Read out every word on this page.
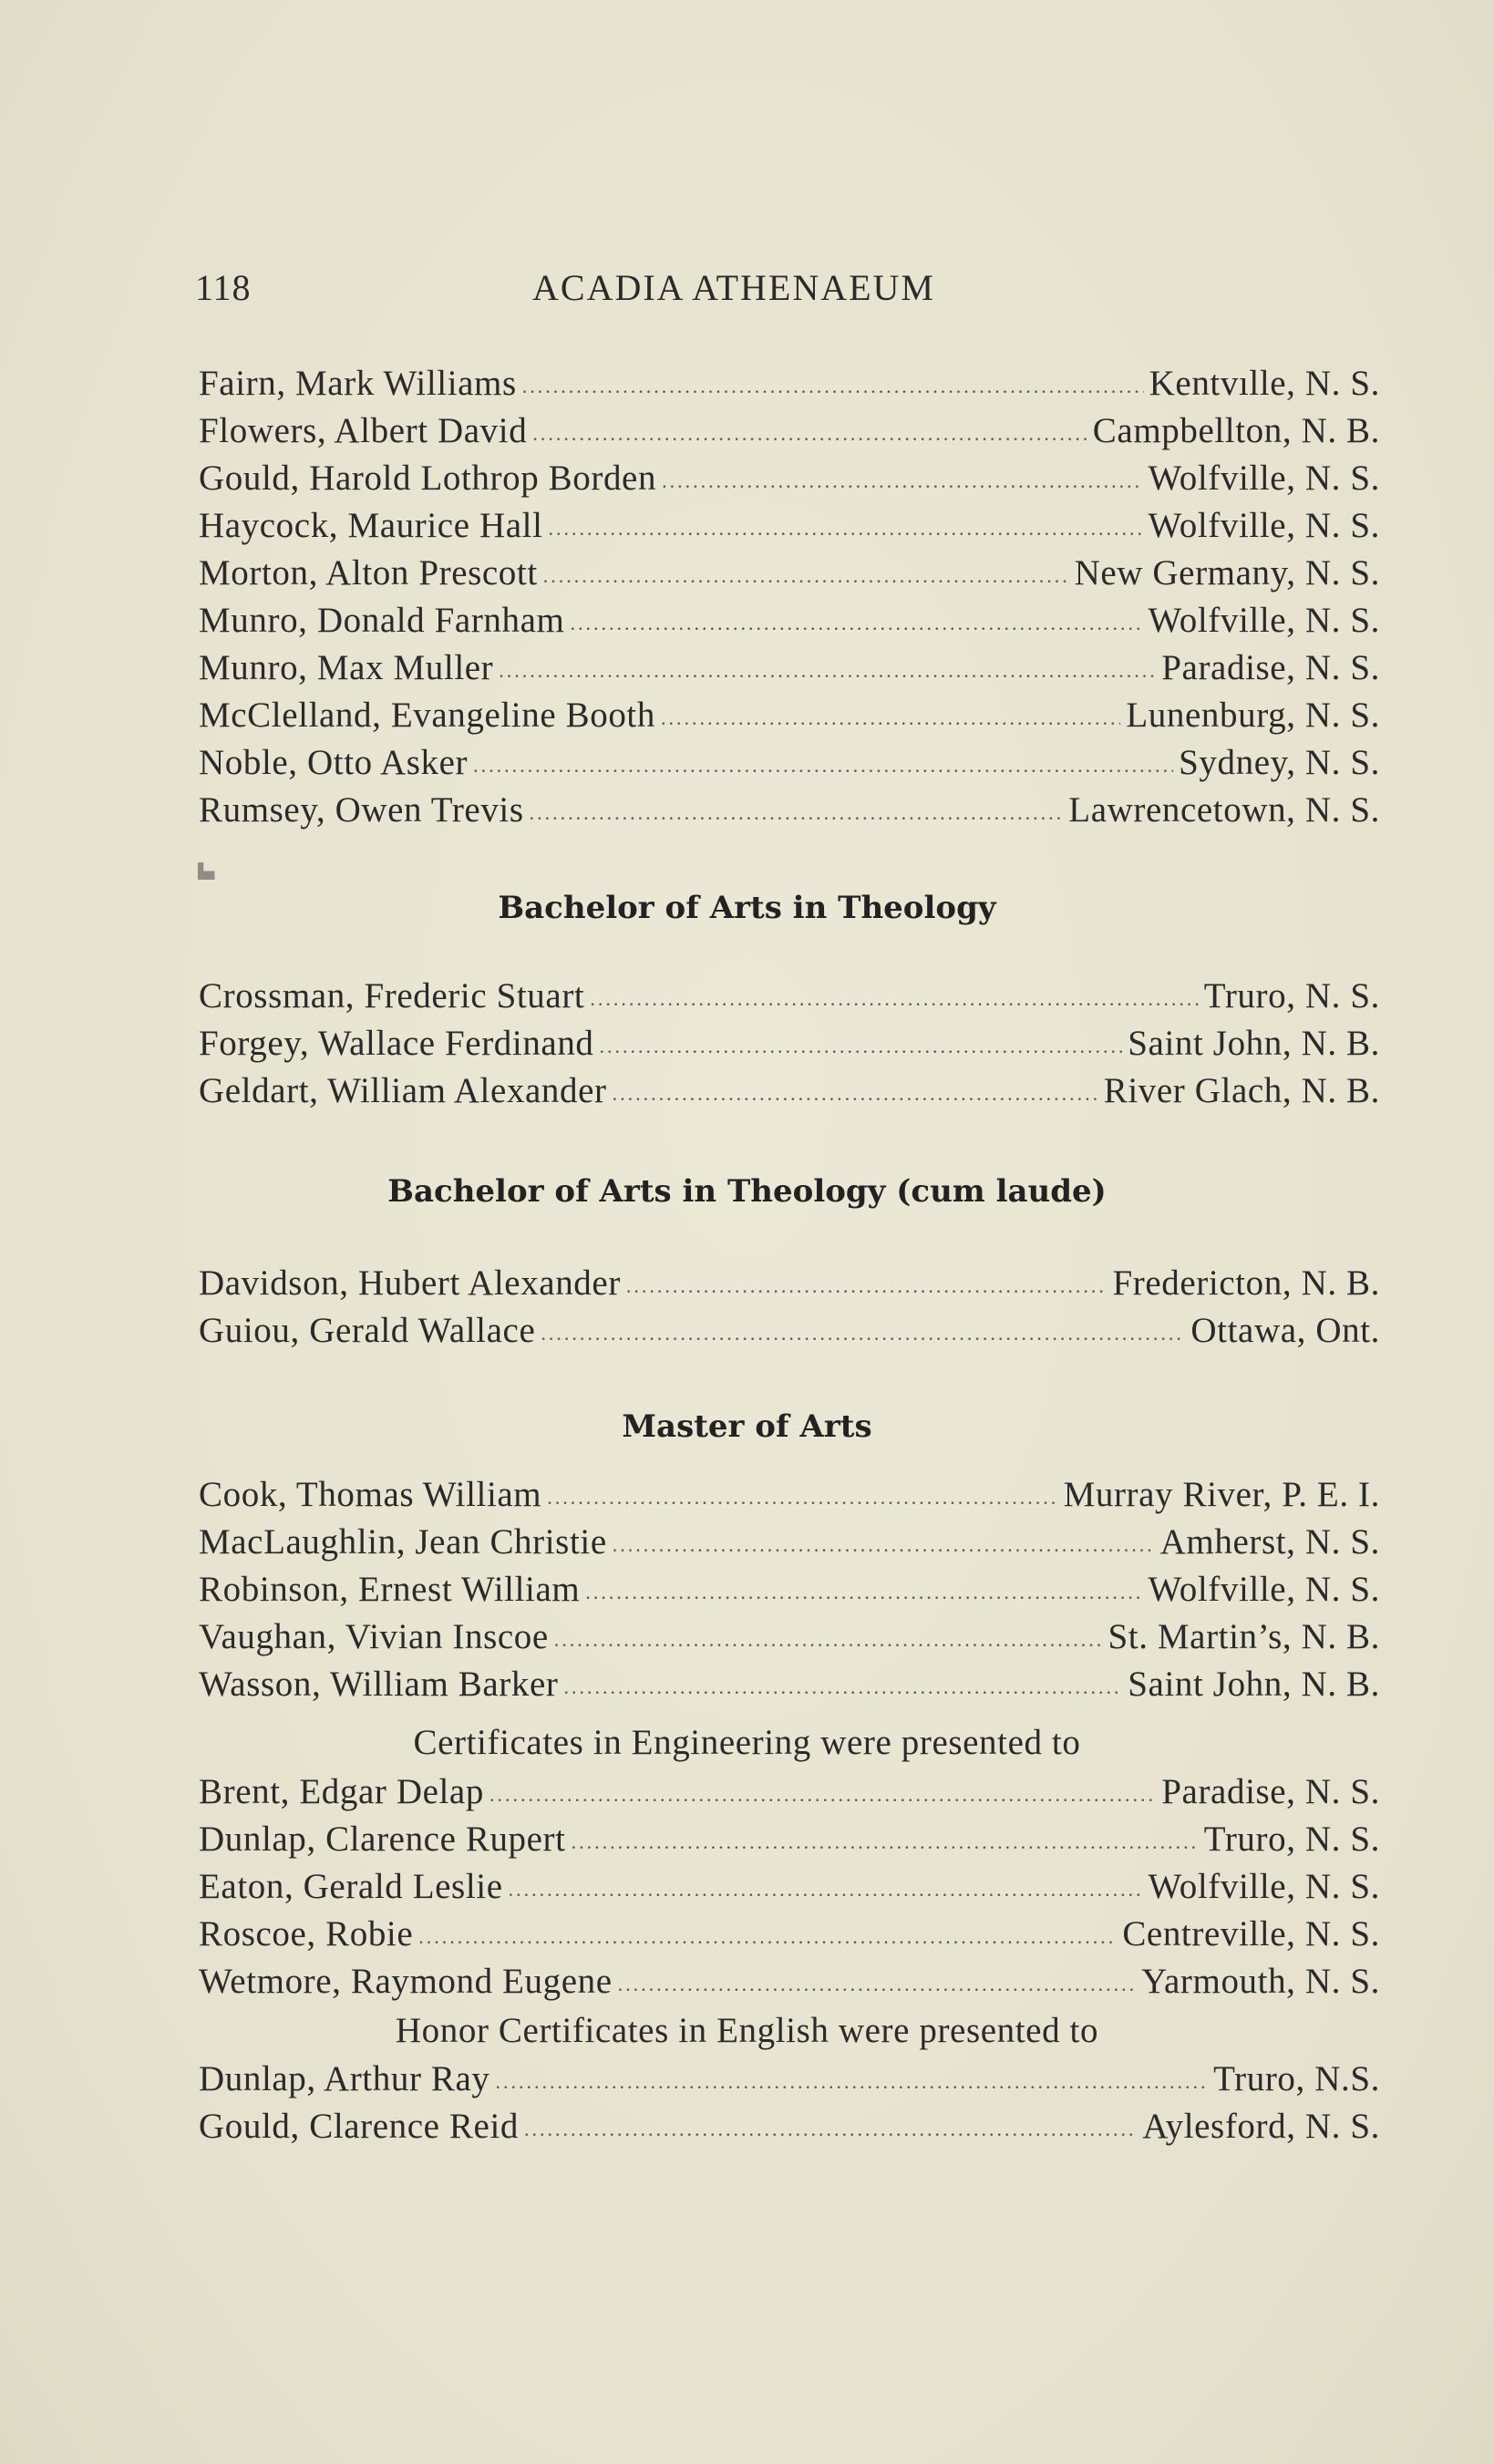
118	ACADIA ATHENAEUM
Fairn, Mark Williams .....	Kentvılle, N. S.
Flowers, Albert David .....	Campbellton, N. B.
Gould, Harold Lothrop Borden .....	Wolfville, N. S.
Haycock, Maurice Hall .....	Wolfville, N. S.
Morton, Alton Prescott .....	New Germany, N. S.
Munro, Donald Farnham .....	Wolfville, N. S.
Munro, Max Muller .....	Paradise, N. S.
McClelland, Evangeline Booth .....	Lunenburg, N. S.
Noble, Otto Asker .....	Sydney, N. S.
Rumsey, Owen Trevis .....	Lawrencetown, N. S.
▙▖
Bachelor of Arts in Theology
Crossman, Frederic Stuart .....	Truro, N. S.
Forgey, Wallace Ferdinand .....	Saint John, N. B.
Geldart, William Alexander .....	River Glach, N. B.
Bachelor of Arts in Theology (cum laude)
Davidson, Hubert Alexander .....	Fredericton, N. B.
Guiou, Gerald Wallace .....	Ottawa, Ont.
Master of Arts
Cook, Thomas William .....	Murray River, P. E. I.
MacLaughlin, Jean Christie .....	Amherst, N. S.
Robinson, Ernest William .....	Wolfville, N. S.
Vaughan, Vivian Inscoe .....	St. Martin’s, N. B.
Wasson, William Barker .....	Saint John, N. B.
Certificates in Engineering were presented to
Brent, Edgar Delap .....	Paradise, N. S.
Dunlap, Clarence Rupert .....	Truro, N. S.
Eaton, Gerald Leslie .....	Wolfville, N. S.
Roscoe, Robie .....	Centreville, N. S.
Wetmore, Raymond Eugene .....	Yarmouth, N. S.
Honor Certificates in English were presented to
Dunlap, Arthur Ray .....	Truro, N.S.
Gould, Clarence Reid .....	Aylesford, N. S.
